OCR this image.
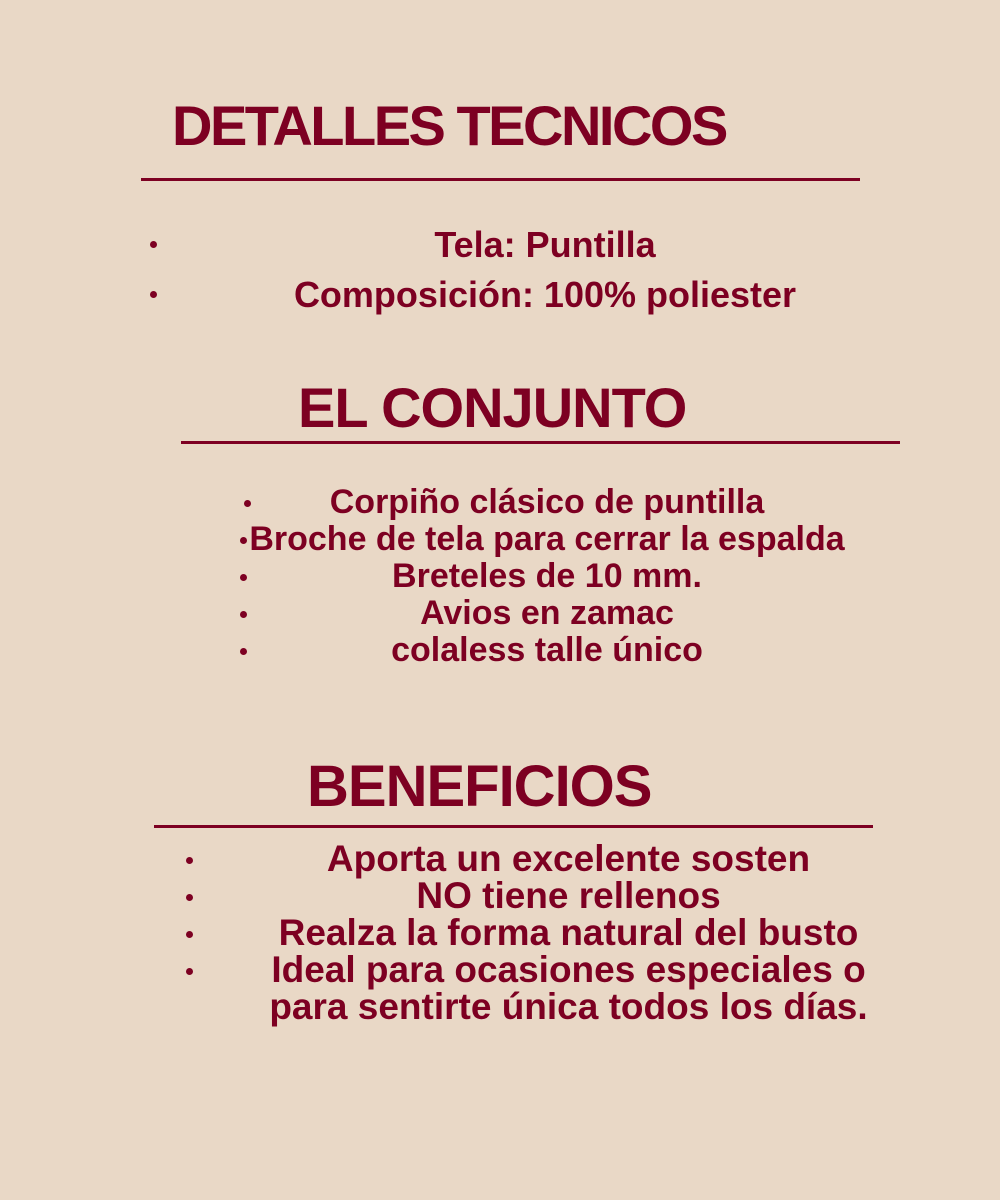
DETALLES TECNICOS
Tela: Puntilla
Composición: 100% poliester
EL CONJUNTO
Corpiño clásico de puntilla
Broche de tela para cerrar la espalda
Breteles de 10 mm.
Avios en zamac
colaless talle único
BENEFICIOS
Aporta un excelente sosten
NO tiene rellenos
Realza la forma natural del busto
Ideal para ocasiones especiales o para sentirte única todos los días.
